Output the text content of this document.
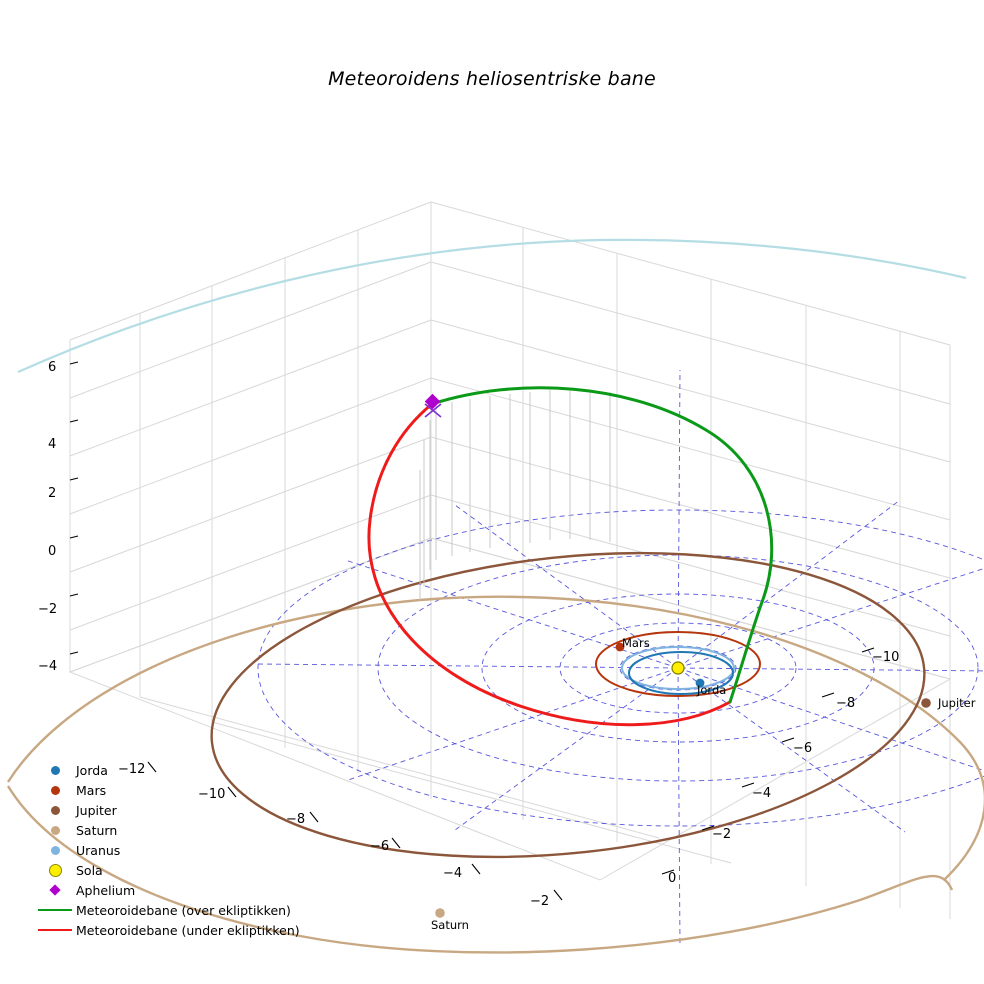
Meteoroidens heliosentriske bane
6
4
2
0
−2
−4
−12
−10
−8
−6
−4
−2
−10
−8
−6
−4
−2
0
Mars
Jorda
Jupiter
Saturn
Jorda
Mars
Jupiter
Saturn
Uranus
Sola
Aphelium
Meteoroidebane (over ekliptikken)
Meteoroidebane (under ekliptikken)
